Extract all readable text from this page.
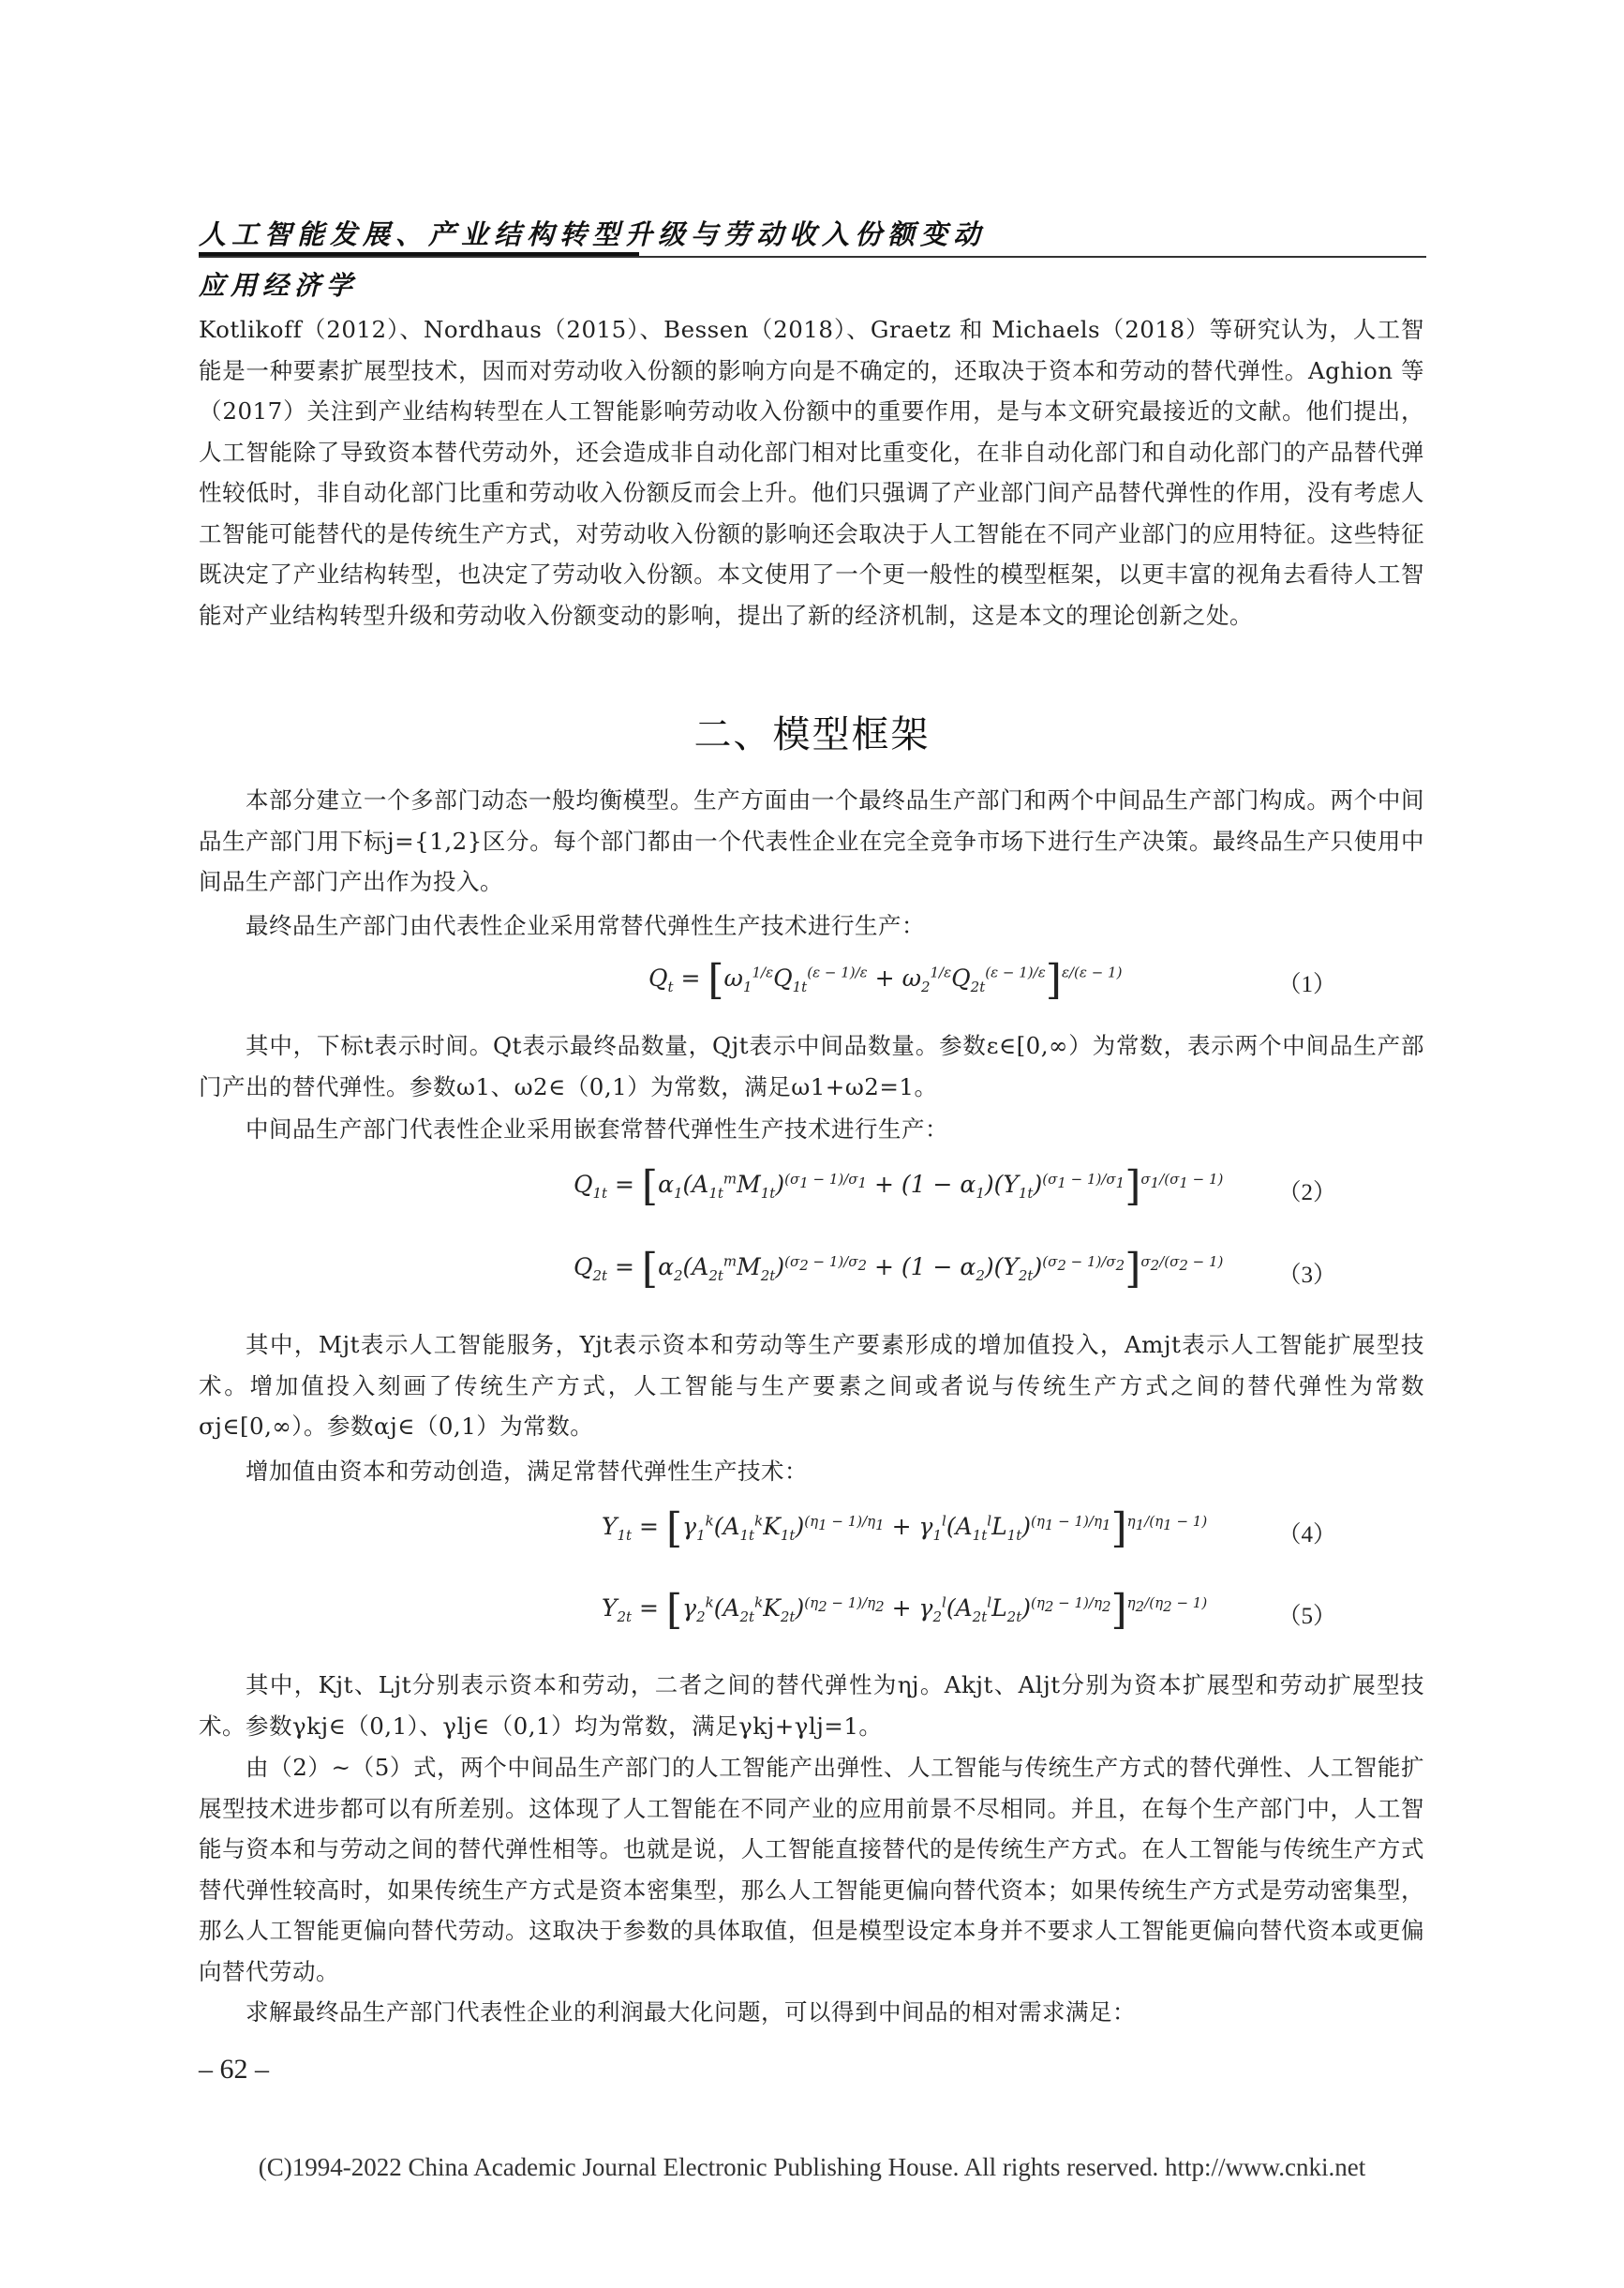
人工智能发展、产业结构转型升级与劳动收入份额变动
应用经济学
Kotlikoff（2012）、Nordhaus（2015）、Bessen（2018）、Graetz 和 Michaels（2018）等研究认为，人工智能是一种要素扩展型技术，因而对劳动收入份额的影响方向是不确定的，还取决于资本和劳动的替代弹性。Aghion 等（2017）关注到产业结构转型在人工智能影响劳动收入份额中的重要作用，是与本文研究最接近的文献。他们提出，人工智能除了导致资本替代劳动外，还会造成非自动化部门相对比重变化，在非自动化部门和自动化部门的产品替代弹性较低时，非自动化部门比重和劳动收入份额反而会上升。他们只强调了产业部门间产品替代弹性的作用，没有考虑人工智能可能替代的是传统生产方式，对劳动收入份额的影响还会取决于人工智能在不同产业部门的应用特征。这些特征既决定了产业结构转型，也决定了劳动收入份额。本文使用了一个更一般性的模型框架，以更丰富的视角去看待人工智能对产业结构转型升级和劳动收入份额变动的影响，提出了新的经济机制，这是本文的理论创新之处。
二、模型框架
本部分建立一个多部门动态一般均衡模型。生产方面由一个最终品生产部门和两个中间品生产部门构成。两个中间品生产部门用下标j={1,2}区分。每个部门都由一个代表性企业在完全竞争市场下进行生产决策。最终品生产只使用中间品生产部门产出作为投入。
最终品生产部门由代表性企业采用常替代弹性生产技术进行生产：
$Q_t = [\omega_1^{1/\varepsilon}Q_{1t}^{(\varepsilon - 1)/\varepsilon} + \omega_2^{1/\varepsilon}Q_{2t}^{(\varepsilon - 1)/\varepsilon}]^{\varepsilon/(\varepsilon - 1)}$	（1）
其中，下标t表示时间。Qt表示最终品数量，Qjt表示中间品数量。参数ε∈[0,∞）为常数，表示两个中间品生产部门产出的替代弹性。参数ω1、ω2∈（0,1）为常数，满足ω1+ω2=1。
中间品生产部门代表性企业采用嵌套常替代弹性生产技术进行生产：
$Q_{1t} = [\alpha_1(A_{1t}^mM_{1t})^{(\sigma_1 - 1)/\sigma_1} + (1 - \alpha_1)(Y_{1t})^{(\sigma_1 - 1)/\sigma_1}]^{\sigma_1/(\sigma_1 - 1)}$
（2）
$Q_{2t} = [\alpha_2(A_{2t}^mM_{2t})^{(\sigma_2 - 1)/\sigma_2} + (1 - \alpha_2)(Y_{2t})^{(\sigma_2 - 1)/\sigma_2}]^{\sigma_2/(\sigma_2 - 1)}$
（3）
其中，Mjt表示人工智能服务，Yjt表示资本和劳动等生产要素形成的增加值投入，Amjt表示人工智能扩展型技术。增加值投入刻画了传统生产方式，人工智能与生产要素之间或者说与传统生产方式之间的替代弹性为常数σj∈[0,∞）。参数αj∈（0,1）为常数。
增加值由资本和劳动创造，满足常替代弹性生产技术：
$Y_{1t} = [\gamma_1^k(A_{1t}^kK_{1t})^{(\eta_1 - 1)/\eta_1} + \gamma_1^l(A_{1t}^lL_{1t})^{(\eta_1 - 1)/\eta_1}]^{\eta_1/(\eta_1 - 1)}$
（4）
$Y_{2t} = [\gamma_2^k(A_{2t}^kK_{2t})^{(\eta_2 - 1)/\eta_2} + \gamma_2^l(A_{2t}^lL_{2t})^{(\eta_2 - 1)/\eta_2}]^{\eta_2/(\eta_2 - 1)}$
（5）
其中，Kjt、Ljt分别表示资本和劳动，二者之间的替代弹性为ηj。Akjt、Aljt分别为资本扩展型和劳动扩展型技术。参数γkj∈（0,1）、γlj∈（0,1）均为常数，满足γkj+γlj=1。
由（2）~（5）式，两个中间品生产部门的人工智能产出弹性、人工智能与传统生产方式的替代弹性、人工智能扩展型技术进步都可以有所差别。这体现了人工智能在不同产业的应用前景不尽相同。并且，在每个生产部门中，人工智能与资本和与劳动之间的替代弹性相等。也就是说，人工智能直接替代的是传统生产方式。在人工智能与传统生产方式替代弹性较高时，如果传统生产方式是资本密集型，那么人工智能更偏向替代资本；如果传统生产方式是劳动密集型，那么人工智能更偏向替代劳动。这取决于参数的具体取值，但是模型设定本身并不要求人工智能更偏向替代资本或更偏向替代劳动。
求解最终品生产部门代表性企业的利润最大化问题，可以得到中间品的相对需求满足：
– 62 –
(C)1994-2022 China Academic Journal Electronic Publishing House. All rights reserved. http://www.cnki.net
